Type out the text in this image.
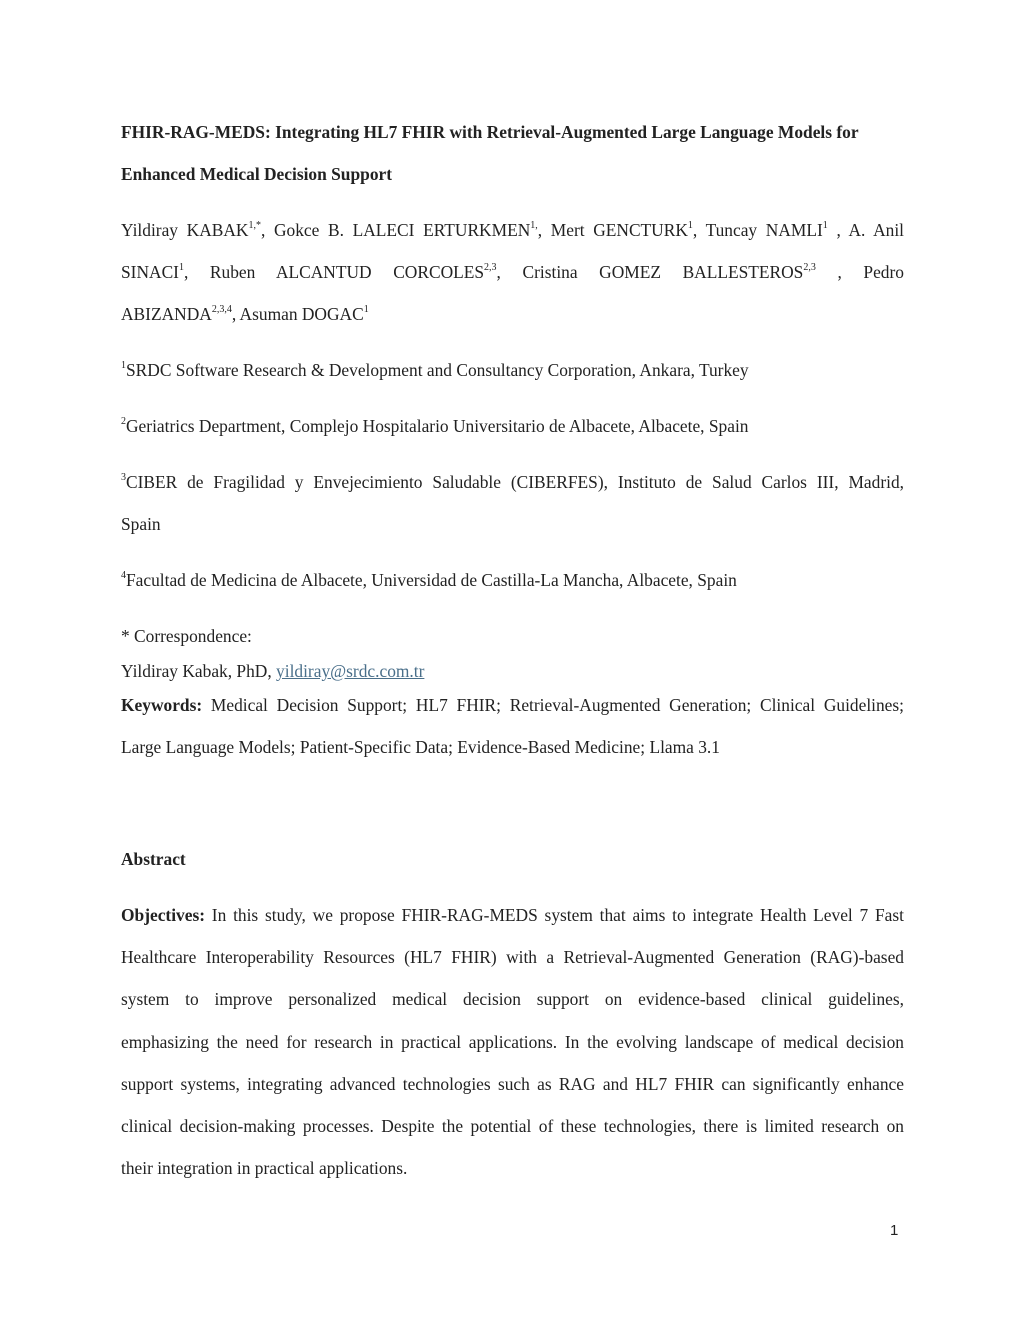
FHIR-RAG-MEDS: Integrating HL7 FHIR with Retrieval-Augmented Large Language Models for
Enhanced Medical Decision Support
Yildiray $KABAK^{1,*}$, Gokce B. LALECI $ERTURKMEN^{1,}$, Mert GENCTURK$^1$, Tuncay NAMLI$^1$ , A. Anil
SINACI$^1$, Ruben ALCANTUD CORCOLES$^{2,3}$, Cristina GOMEZ BALLESTEROS$^{2,3}$ , Pedro
ABIZANDA$^{2,3,4}$, Asuman DOGAC$^1$
$^1$SRDC Software Research & Development and Consultancy Corporation, Ankara, Turkey
$^2$Geriatrics Department, Complejo Hospitalario Universitario de Albacete, Albacete, Spain
$^3$CIBER de Fragilidad y Envejecimiento Saludable (CIBERFES), Instituto de Salud Carlos III, Madrid,
Spain
$^4$Facultad de Medicina de Albacete, Universidad de Castilla-La Mancha, Albacete, Spain
* Correspondence:
Yildiray Kabak, PhD, yildiray@srdc.com.tr
Keywords: Medical Decision Support; HL7 FHIR; Retrieval-Augmented Generation; Clinical Guidelines;
Large Language Models; Patient-Specific Data; Evidence-Based Medicine; Llama 3.1
Abstract
Objectives: In this study, we propose FHIR-RAG-MEDS system that aims to integrate Health Level 7 Fast
Healthcare Interoperability Resources (HL7 FHIR) with a Retrieval-Augmented Generation (RAG)-based
system to improve personalized medical decision support on evidence-based clinical guidelines,
emphasizing the need for research in practical applications. In the evolving landscape of medical decision
support systems, integrating advanced technologies such as RAG and HL7 FHIR can significantly enhance
clinical decision-making processes. Despite the potential of these technologies, there is limited research on
their integration in practical applications.
1
